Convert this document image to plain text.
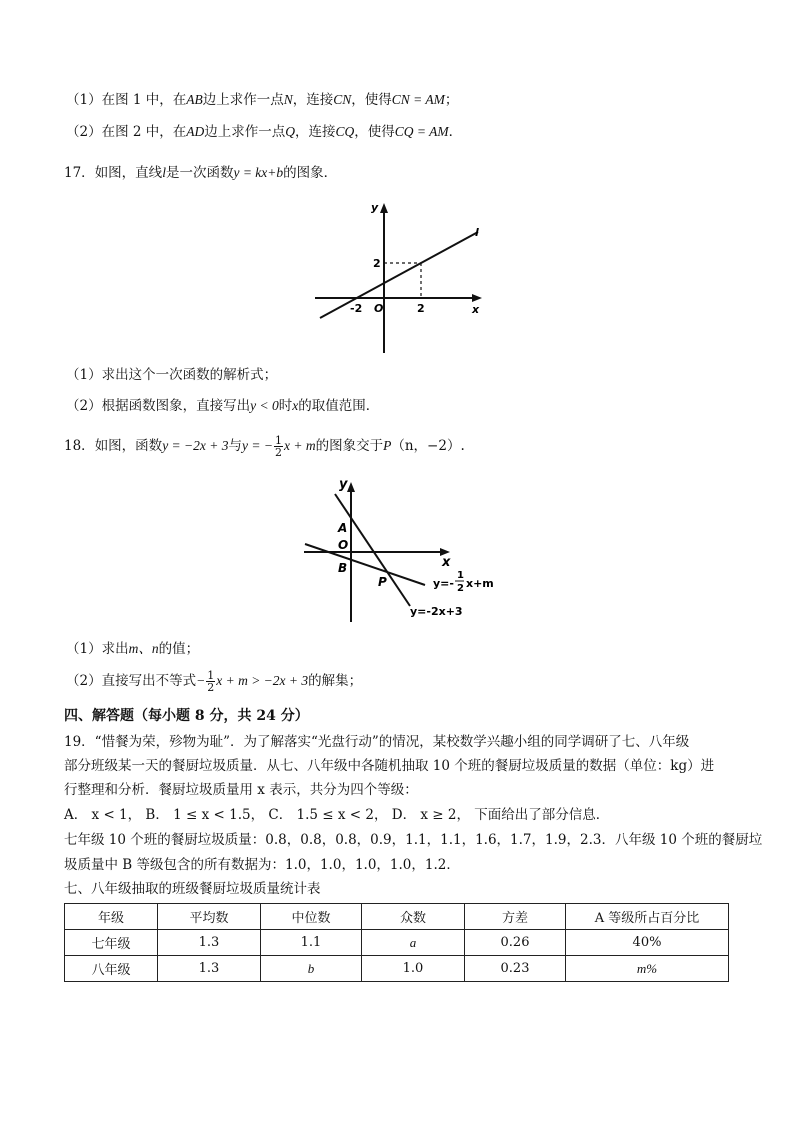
（1）在图 1 中，在AB边上求作一点N，连接CN，使得CN = AM；
（2）在图 2 中，在AD边上求作一点Q，连接CQ，使得CQ = AM．
17．如图，直线l是一次函数y = kx+b的图象．
y
x
l
2
-2	2
O
（1）求出这个一次函数的解析式；
（2）根据函数图象，直接写出y < 0时x的取值范围．
18．如图，函数y = −2x + 3与y = − $\frac{1}{2}$ x + m的图象交于P（n，−2）.
y
x
A
O
B
P	y=-
1
2 x+m
y=-2x+3
（1）求出m、n的值；
（2）直接写出不等式− $\frac{1}{2}$ x + m > −2x + 3的解集；
四、解答题（每小题 8 分，共 24 分）
19．“惜餐为荣，殄物为耻”．为了解落实“光盘行动”的情况，某校数学兴趣小组的同学调研了七、八年级
部分班级某一天的餐厨垃圾质量．从七、八年级中各随机抽取 10 个班的餐厨垃圾质量的数据（单位：kg）进
行整理和分析．餐厨垃圾质量用 x 表示，共分为四个等级：
A． x < 1， B． 1 ≤ x < 1.5， C． 1.5 ≤ x < 2， D． x ≥ 2， 下面给出了部分信息．
七年级 10 个班的餐厨垃圾质量：0.8，0.8，0.8，0.9，1.1，1.1，1.6，1.7，1.9，2.3．八年级 10 个班的餐厨垃
圾质量中 B 等级包含的所有数据为：1.0，1.0，1.0，1.0，1.2．
七、八年级抽取的班级餐厨垃圾质量统计表
年级	平均数	中位数	众数	方差	A 等级所占百分比
七年级	1.3	1.1	a	0.26	40%
八年级	1.3	b	1.0	0.23	m%
